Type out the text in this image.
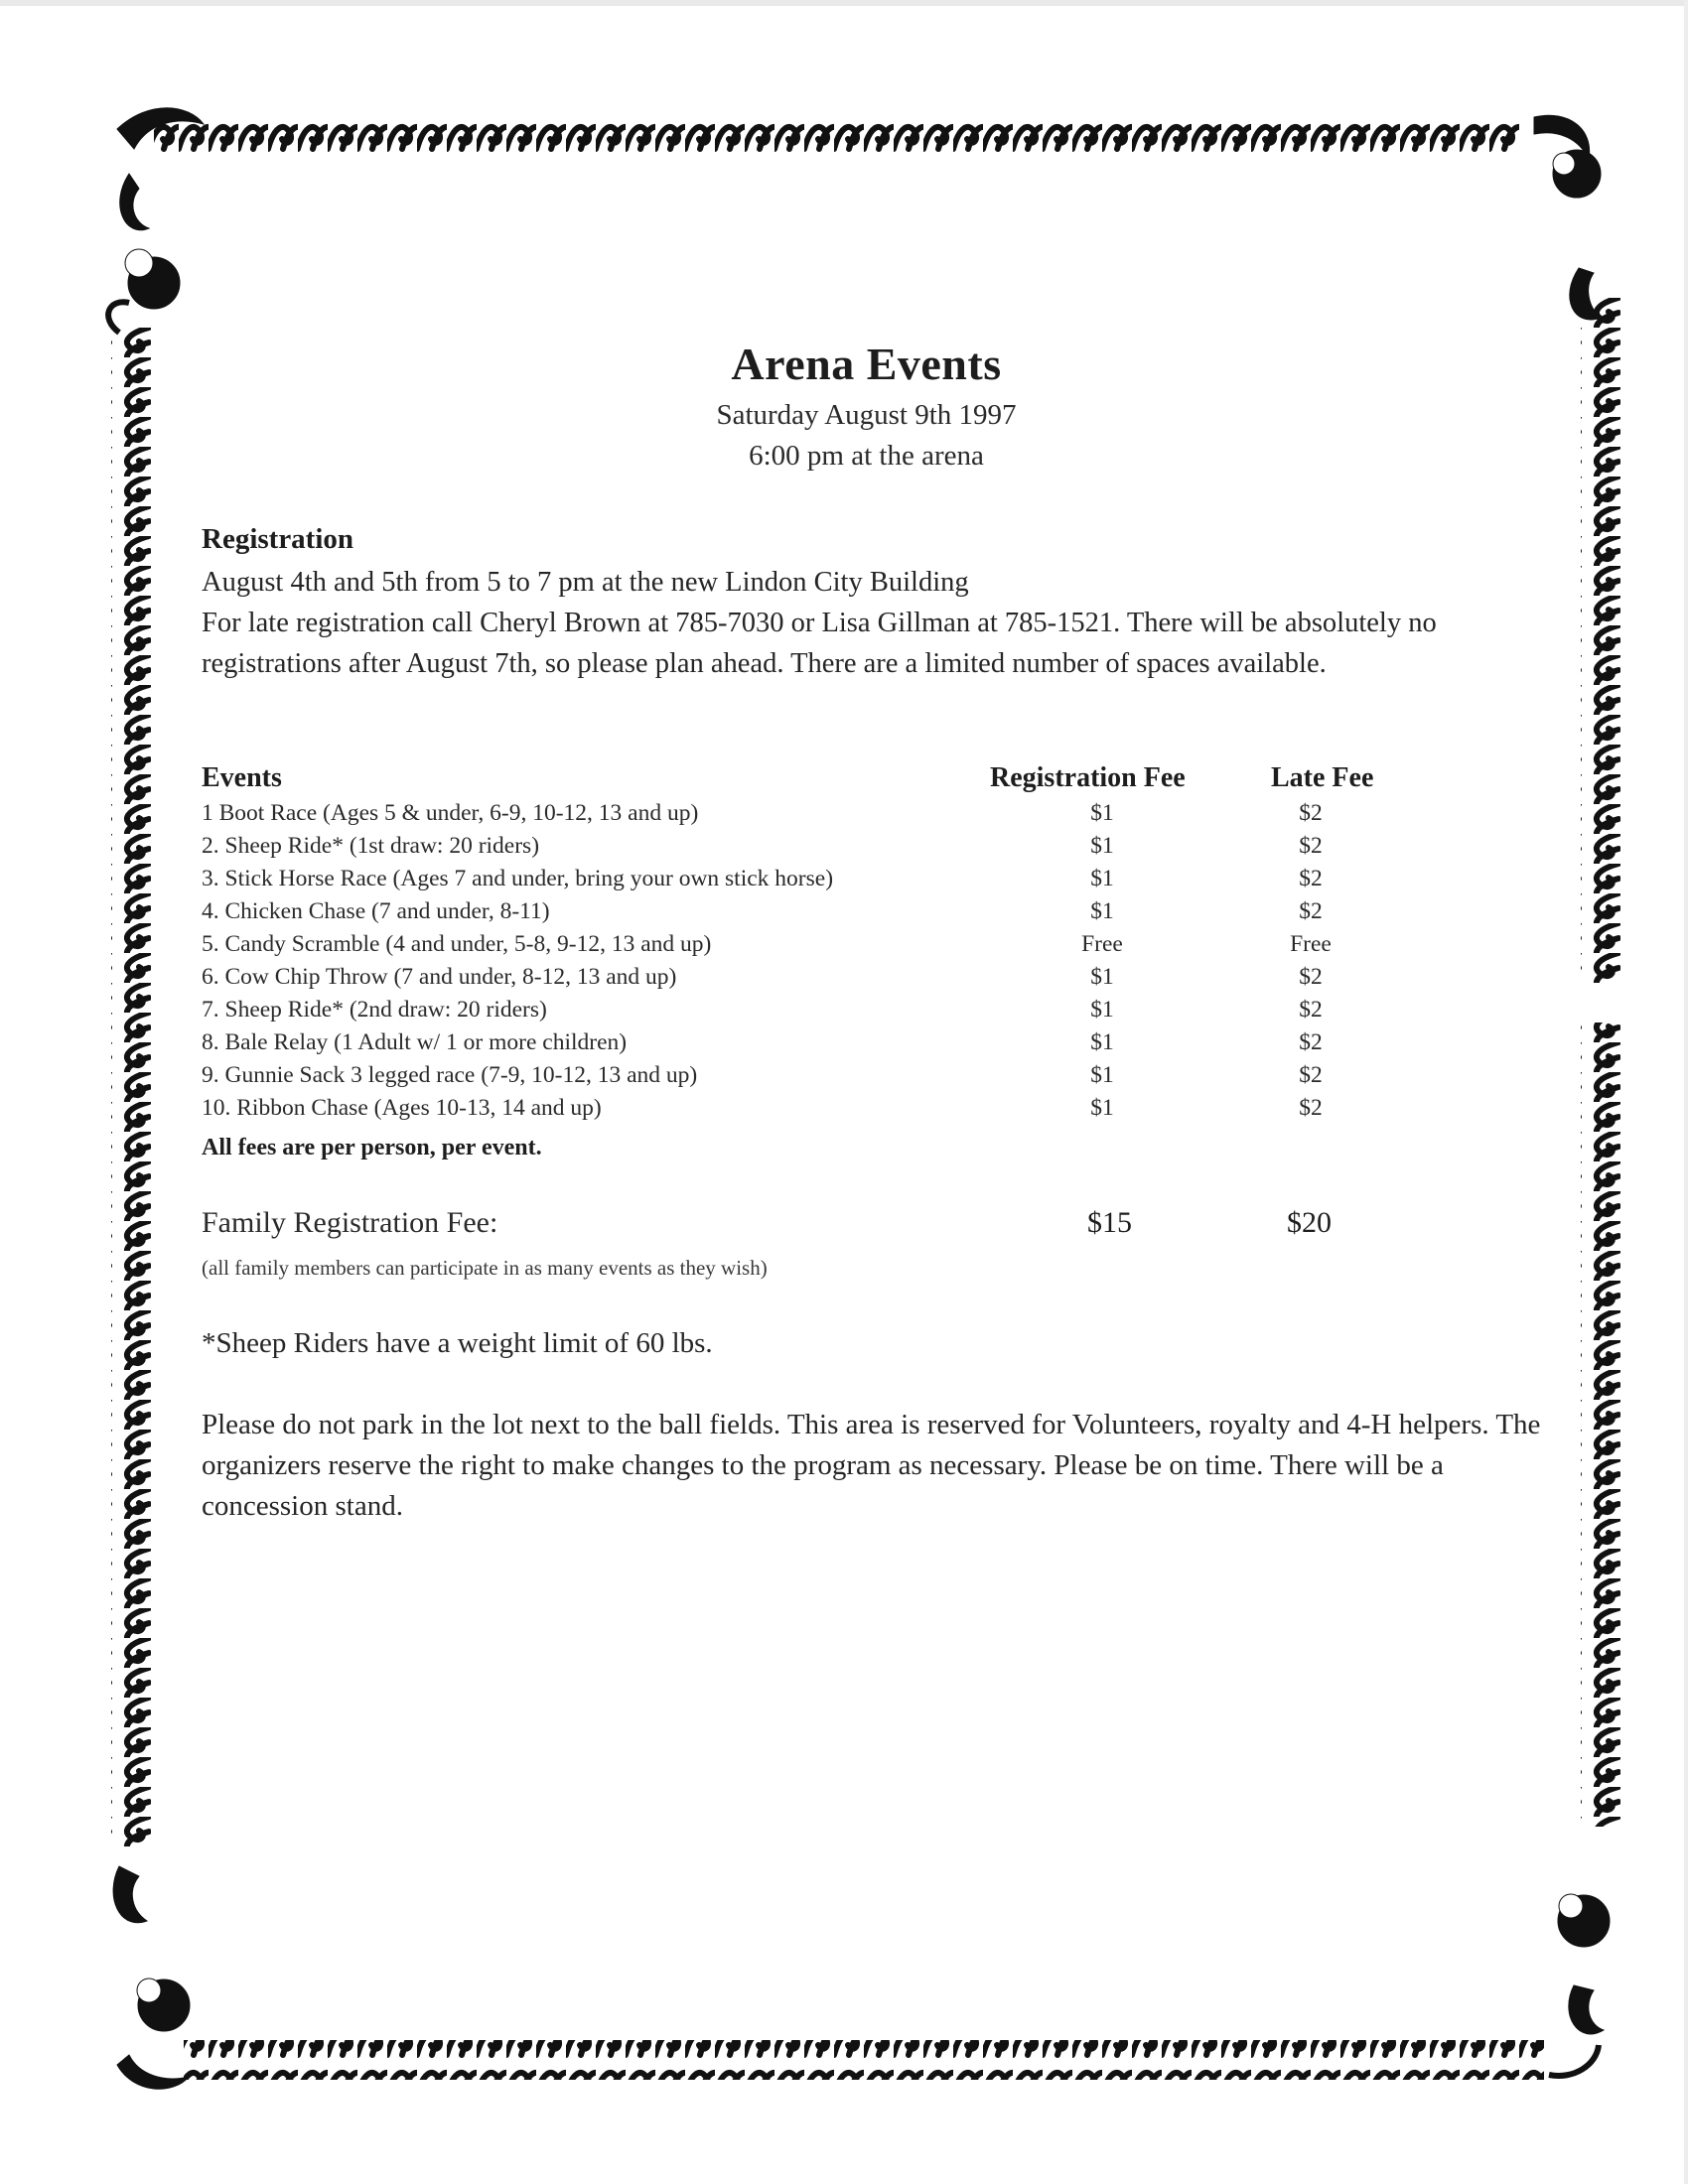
Arena Events
Saturday August 9th 1997
6:00 pm at the arena
Registration
August 4th and 5th from 5 to 7 pm at the new Lindon City Building
For late registration call Cheryl Brown at 785-7030 or Lisa Gillman at 785-1521. There will be absolutely no registrations after August 7th, so please plan ahead. There are a limited number of spaces available.
Events	Registration Fee	Late Fee
1 Boot Race (Ages 5 & under, 6-9, 10-12, 13 and up)	$1	$2
2. Sheep Ride* (1st draw: 20 riders)	$1	$2
3. Stick Horse Race (Ages 7 and under, bring your own stick horse)	$1	$2
4. Chicken Chase (7 and under, 8-11)	$1	$2
5. Candy Scramble (4 and under, 5-8, 9-12, 13 and up)	Free	Free
6. Cow Chip Throw (7 and under, 8-12, 13 and up)	$1	$2
7. Sheep Ride* (2nd draw: 20 riders)	$1	$2
8. Bale Relay (1 Adult w/ 1 or more children)	$1	$2
9. Gunnie Sack 3 legged race (7-9, 10-12, 13 and up)	$1	$2
10. Ribbon Chase (Ages 10-13, 14 and up)	$1	$2
All fees are per person, per event.
Family Registration Fee:	$15	$20
(all family members can participate in as many events as they wish)
*Sheep Riders have a weight limit of 60 lbs.
Please do not park in the lot next to the ball fields. This area is reserved for Volunteers, royalty and 4-H helpers. The organizers reserve the right to make changes to the program as necessary. Please be on time. There will be a concession stand.
